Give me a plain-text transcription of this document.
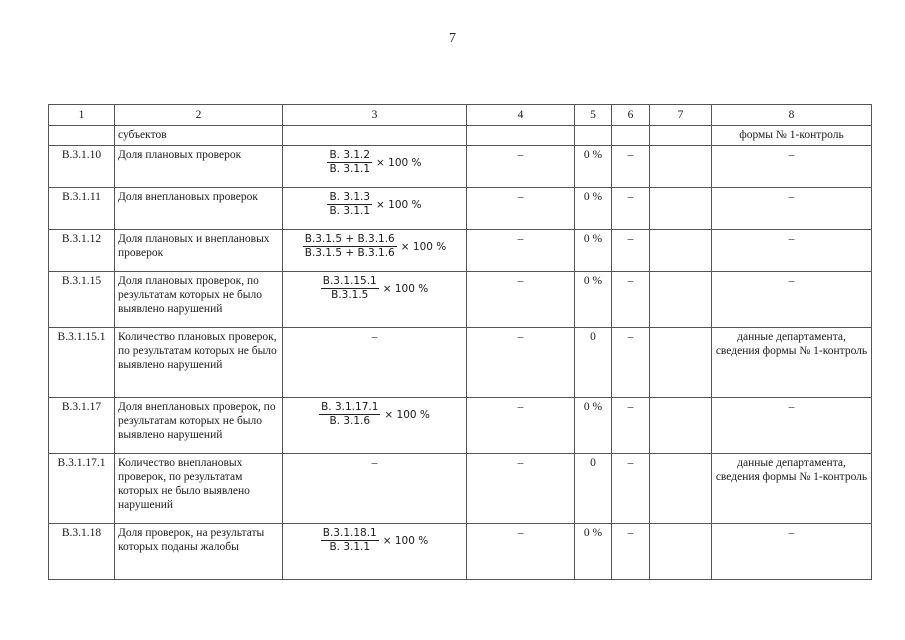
7
1	2	3	4	5	6	7	8
	субъектов						формы № 1-контроль
В.3.1.10	Доля плановых проверок	$\frac{В. 3.1.2}{В. 3.1.1} \times 100$ %	–	0 %	–		–
В.3.1.11	Доля внеплановых проверок	$\frac{В. 3.1.3}{В. 3.1.1} \times 100$ %	–	0 %	–		–
В.3.1.12	Доля плановых и внеплановых проверок	$\frac{В.3.1.5 + В.3.1.6}{В.3.1.5 + В.3.1.6} \times 100$ %	–	0 %	–		–
В.3.1.15	Доля плановых проверок, по результатам которых не было выявлено нарушений	$\frac{В.3.1.15.1}{В.3.1.5} \times 100$ %	–	0 %	–		–
В.3.1.15.1	Количество плановых проверок, по результатам которых не было выявлено нарушений	–	–	0	–		данные департамента, сведения формы № 1-контроль
В.3.1.17	Доля внеплановых проверок, по результатам которых не было выявлено нарушений	$\frac{В. 3.1.17.1}{В. 3.1.6} \times 100$ %	–	0 %	–		–
В.3.1.17.1	Количество внеплановых проверок, по результатам которых не было выявлено нарушений	–	–	0	–		данные департамента, сведения формы № 1-контроль
В.3.1.18	Доля проверок, на результаты которых поданы жалобы	$\frac{В.3.1.18.1}{В. 3.1.1} \times 100$ %	–	0 %	–		–
